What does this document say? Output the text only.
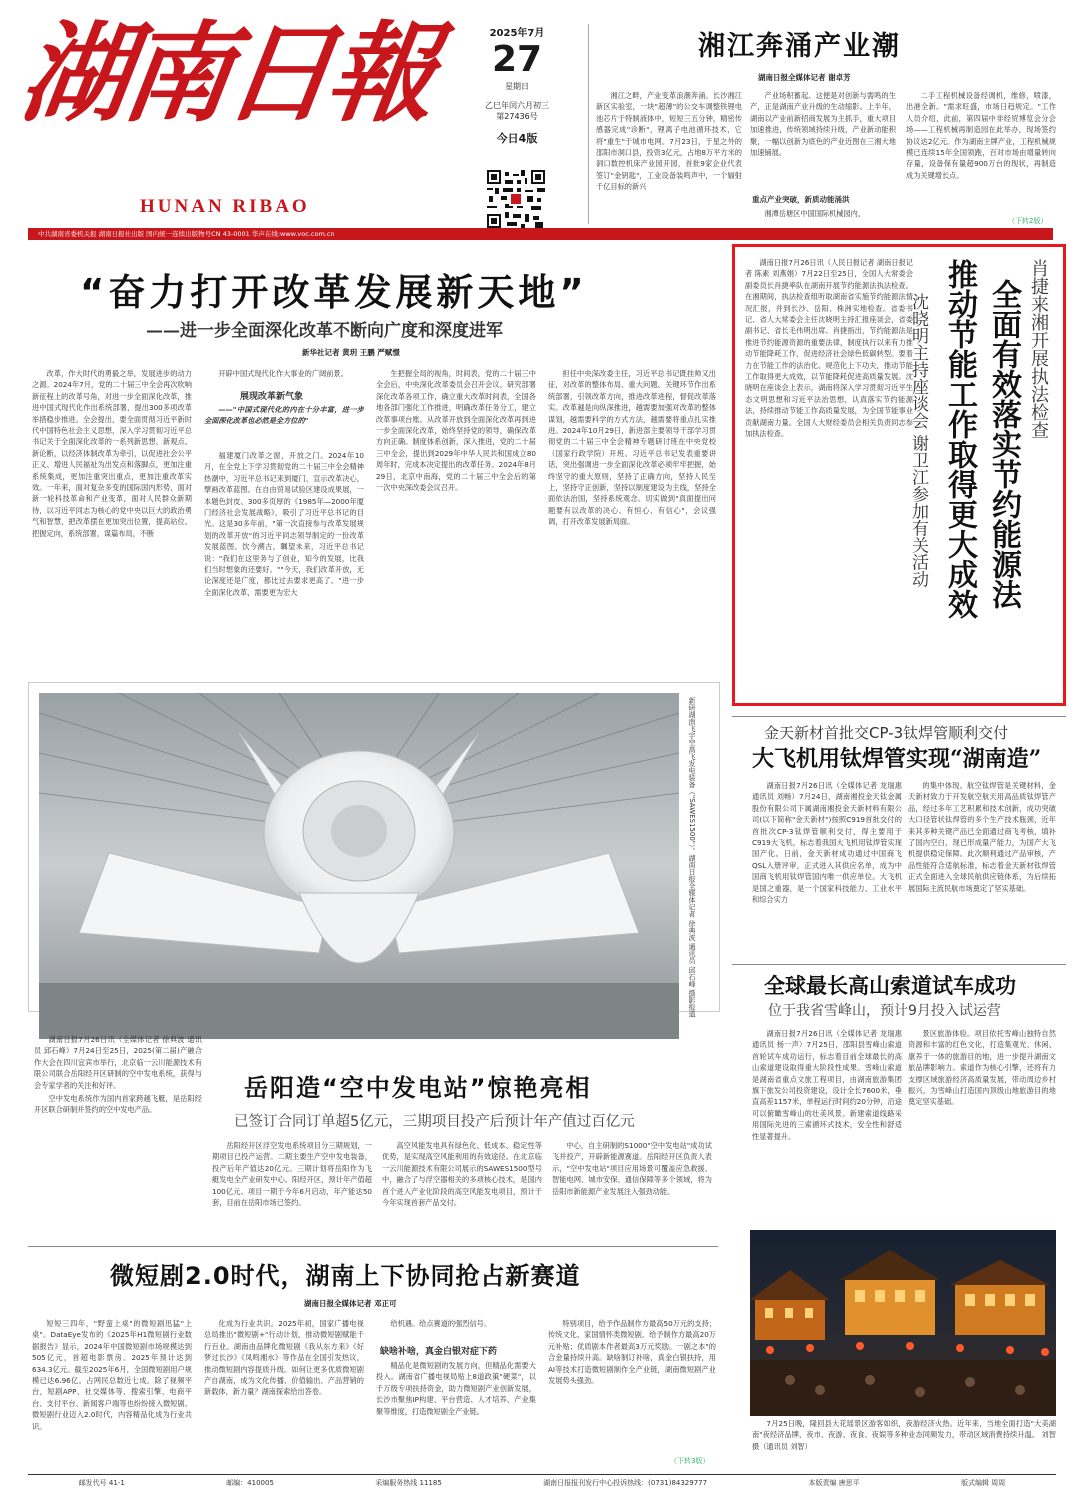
湖南日報
HUNAN RIBAO
2025年7月
27
星期日
乙巳年闰六月初三
第27436号
今日4版
中共湖南省委机关报 湖南日报社出版 国内统一连续出版物号CN 43-0001 华声在线:www.voc.com.cn
湘江奔涌产业潮
湖南日报全媒体记者 谢卓芳

湘江之畔，产业变革浪潮奔涌。长沙湘江新区实验室，一块"超薄"的公交车调整铁锂电池芯片于特制液体中，短短三五分钟，精密传感器完成"诊断"，锂离子电池循环技术，它将"重生"于城市电网。7月23日，于星之外的邵阳市洞口县，投资3亿元，占地8万平方米的洞口数控机床产业园开园，首批9家企业代表签订"金钥匙"，工业设备装鸣声中，一个辐射千亿目标的新兴

产业场积蓄起。这便是对创新与需鸣的生产，正是湖南产业升级的生动缩影。上半年，湖南以产业前新招商发展为主抓手，重大项目加速推进，传统领域持续升级，产业新动能积聚，一幅以创新为底色的产业近图在三湘大地加速铺展。

重点产业突破，新质动能涌洪

湘潭岳塘区中国国际机械园内，

二手工程机械设备经调机，维修，喷漆，出港全新。"需求旺盛，市场日趋规定。"工作人员介绍，此前，第四届中非经贸博览会分会场——工程机械再制造园在此举办，现场签约协议达2亿元。作为湖南主牌产业，工程机械规模已连续15年全国领跑，百对市场由增量转向存量，设备保有量超900万台的现状，再制造成为关键增长点。

（下转2版）
“奋力打开改革发展新天地”
——进一步全面深化改革不断向广度和深度进军
新华社记者 黄玥 王鹏 严赋憬

改革，作大时代的勇毅之举，发展进步的动力之源。2024年7月，党的二十届三中全会再次吹响新征程上的改革号角，对进一步全面深化改革，推进中国式现代化作出系统部署，提出300多项改革举措稳步推进。全会提出，要全面贯彻习近平新时代中国特色社会主义思想，深入学习贯彻习近平总书记关于全面深化改革的一系列新思想、新观点、新论断，以经济体制改革为牵引，以促进社会公平正义、增进人民福祉为出发点和落脚点，更加注重系统集成，更加注重突出重点，更加注重改革实效。一年来，面对复杂多变的国际国内形势，面对新一轮科技革命和产业变革，面对人民群众新期待，以习近平同志为核心的党中央以巨大的政治勇气和智慧，把改革摆在更加突出位置，提高站位、把握定向，系统部署，谋篇布局，不断

开辟中国式现代化作大事业的广阔前景。

展现改革新气象

——"中国式现代化的内在十分丰富，进一步全面深化改革也必然是全方位的"

福建厦门改革之窗，开放之门。2024年10月，在全党上下学习贯彻党的二十届三中全会精神热潮中，习近平总书记来到厦门，宣示改革决心，擘画改革蓝图。在自由贸易试验区建设成果展，一本题色封皮、300多页厚的《1985年—2000年厦门经济社会发展战略》，吸引了习近平总书记的目光。这是30多年前，"第一次直接参与改革发展规划的改革开放"的习近平同志领导制定的一份改革发展蓝图。饮今溯古，瞩望未来，习近平总书记说："我们在这里务与了创业，知今的发展，比我们当时想象的还要好。""今天，我们改革开放，无论深度还是广度，都比过去要求更高了。"进一步全面深化改革，需要更为宏大

生把握全局的视角，时间表，党的二十届三中全会后，中央深化改革委员会召开会议，研究部署深化改革各项工作，确立重大改革时间表，全国各地各部门强化工作推进，明确改革任务分工，建立改革事项台账。从改革开放到全面深化改革再到进一步全面深化改革，始终坚持党的领导，确保改革方向正确。制度体系创新，深入推进，党的二十届三中全会，提出到2029年中华人民共和国成立80周年时，完成本决定提出的改革任务。2024年8月29日，北京中南海，党的二十届三中全会后的第一次中央深改委会议召开。

担任中央深改委主任，习近平总书记既挂帅又出征，对改革的整体布局、重大问题、关键环节作出系统部署，引领改革方向，推进改革进程，督促改革落实。改革越是向纵深推进，越需要加强对改革的整体谋划，越需要科学的方式方法，越需要将重点扎实推进。2024年10月29日，新进部主要领导干部学习贯彻党的二十届三中全会精神专题研讨班在中央党校（国家行政学院）开班。习近平总书记发表重要讲话，突出强调进一步全面深化改革必须牢牢把握，始终坚守的重大原则，坚持了正确方向，坚持人民至上，坚持守正创新，坚持以制度建设为主线，坚持全面依法治国，坚持系统观念。切实做到"真面提出问题要有以改革的决心、有恒心、有信心"，会议强调，打开改革发展新局面。

肖捷来湘开展执法检查
全面有效落实节约能源法
推动节能工作取得更大成效
沈晓明主持座谈会 谢卫江参加有关活动

湖南日报7月26日讯（人民日报记者 湖南日报记者 陈素 刘燕娟）7月22日至25日，全国人大常委会副委员长肖捷率队在湖南开展节约能源法执法检查。在湘期间，执法检查组听取湖南省实施节约能源法情况汇报，并到长沙、岳阳、株洲实地检查。省委书记、省人大常委会主任沈晓明主持汇报座谈会，省委副书记、省长毛伟明出席。肖捷指出，节约能源法是推进节约能源资源的重要法律，制度执行以来有力推动节能降耗工作，促进经济社会绿色低碳转型。要着力在节能工作的法治化、规范化上下功夫，推动节能工作取得更大成效，以节能降耗促进高质量发展。沈晓明在座谈会上表示，湖南将深入学习贯彻习近平生态文明思想和习近平法治思想，认真落实节约能源法，持续推动节能工作高质量发展，为全国节能事业贡献湖南力量。全国人大财经委员会相关负责同志参加执法检查。

新研湖南飞宇空高飞发电装备（"SAWES1500"）。湖南日报全媒体记者 徐典波 通讯员 邱石峰 摄影报道

湖南日报7月26日讯（全媒体记者 徐典波 通讯员 邱石峰）7月24日至25日，2025(第二届)产融合作大会在四川宜宾市举行，北京临一云川能源技术有限公司联合岳阳经开区研制的空中发电系统，获得与会专家学者的关注和好评。

空中发电系统作为国内首家跨越飞艇，是岳阳经开区联合研制并签约的空中发电产品。

岳阳造“空中发电站”惊艳亮相
已签订合同订单超5亿元，三期项目投产后预计年产值过百亿元

岳阳经开区浮空发电系统项目分三期规划，一期项目已投产运营。二期主要生产空中发电装备，投产后年产值达20亿元。三期计划将岳阳作为飞艇发电全产业研发中心。阳经开区，预计年产值超100亿元。项目一期于今年6月启动，年产能达50套，目前在岳阳市场已签约。

高空风能发电具有绿色化、低成本、稳定性等优势，是实现高空风能利用的有效途径。在北京临一云川能源技术有限公司展示的SAWES1500型号中，融合了与浮空器相关的多项核心技术，是国内首个进入产业化阶段的高空风能发电项目，预计于今年实现首套产品交付。

中心，自主研制的S1000"空中发电站"成功试飞并投产，开辟新能源赛道。岳阳经开区负责人表示，"空中发电站"项目应用场景可覆盖应急救援、智能电网、城市安保、通信保障等多个领域，将为岳阳市新能源产业发展注入强劲动能。

金天新材首批交CP-3钛焊管顺利交付
大飞机用钛焊管实现“湖南造”

湖南日报7月26日讯（全媒体记者 龙瑞惠 通讯员 刘畅）7月24日，湖南湘投金天钛金属股份有限公司下属湖南湘投金天新材料有限公司(以下简称"金天新材")按照C919首批交付的首批次CP-3钛焊管顺利交付，得主要用于C919大飞机，标志着我国大飞机用钛焊管实现国产化。日前，金天新材成功通过中国商飞QSL入册评审，正式进入其供应名单，成为中国商飞机用钛焊管国内唯一供应单位。大飞机是国之重器，是一个国家科技能力、工业水平和综合实力

的集中体现。航空钛焊管是关键材料，金天新材致力于开发航空航天用高品质钛焊管产品，经过多年工艺积累和技术创新，成功突破大口径管状钛焊管的多个生产技术瓶颈，近年来其多种关键产品已全面通过商飞考核，填补了国内空白，现已形成量产能力，为国产大飞机提供稳定保障。此次顺利通过产品审核，产品性能符合适航标准，标志着金天新材钛焊管正式全面进入全球民航供应链体系，为后续拓展国际主流民航市场奠定了坚实基础。

全球最长高山索道试车成功
位于我省雪峰山，预计9月投入试运营

湖南日报7月26日讯（全媒体记者 龙瑞惠 通讯员 杨一声）7月25日，邵阳县雪峰山索道首轮试车成功运行，标志着目前全球最长的高山索道建设取得重大阶段性成果。雪峰山索道是湖南省重点文旅工程项目，由湖南旅游集团旗下旅发公司投资建设，设计全长7600米，垂直高差1157米，单程运行时间约20分钟，沿途可以俯瞰雪峰山的壮美风景。新建索道线路采用国际先进的三索循环式技术，安全性和舒适性显著提升。

景区旅游体验。项目依托雪峰山独特自然资源和丰富的红色文化，打造集观光、休闲、康养于一体的旅游目的地，进一步提升湖南文旅品牌影响力。索道作为核心引擎，还将有力支撑区域旅游经济高质量发展，带动周边乡村振兴，为雪峰山打造国内顶级山地旅游目的地奠定坚实基础。

7月25日晚，隆回县大花瑶景区游客如织，夜游经济火热。近年来，当地全面打造"大美湖南"夜经济品牌，夜市、夜游、夜食、夜娱等多种业态同频发力，带动区域消费持续升温。 刘智 摄（通讯员 刘智）

微短剧2.0时代，湖南上下协同抢占新赛道
湖南日报全媒体记者 邓正可

短短三四年，"野蛮上桌"的微短剧迅猛"上桌"。DataEye发布的《2025年H1微短剧行业数据报告》显示，2024年中国微短剧市场规模达到505亿元，首超电影票房。2025年预计达到634.3亿元。截至2025年6月，全国微短剧用户规模已达6.96亿。占网民总数近七成。除了视频平台，短剧APP、社交媒体等、搜索引擎、电商平台、支付平台、新闻客户端等也纷纷接入微短剧。微短剧行业迈入2.0时代，内容精品化成为行业共识。

化成为行业共识。2025年初，国家广播电视总局推出"微短剧+"行动计划，推动微短剧赋能千行百业。湖南由品牌化微短剧《我从东方来》《好梦过长沙》《凤鸣湘水》等作品在全国引发热议，推动微短剧内容提质升级。如何让更多优质微短剧产自湖南，成为文化传播、价值输出、产品营销的新载体，新力量？湖南探索给出答卷。

给机遇。给点赛道的强烈信号。

缺啥补啥，真金白银对症下药

精品化是微短剧的发展方向，但精品化需要大投入。湖南省广播电视局贴上8道政策"硬菜"，以千万级专项扶持资金，助力微短剧产业创新发展，长沙市聚焦IP构建、平台营造、人才培养、产业集聚等维度，打造微短剧全产业链。

特别项目，给予作品制作方最高50万元的支持；传统文化、家国情怀类微短剧，给予制作方最高20万元补贴；优质剧本作者最高3万元奖励。一剧之本"的合金量持续升高。缺啥制订补啥，真金白银扶持，用AI等技术打造微短剧制作全产业链，湖南微短剧产业发展势头强劲。

（下转3版）
邮发代号 41-1	邮编：410005	采编服务热线 11185	湖南日报报刊发行中心投诉热线：(0731)84329777	本版责编 唐思平	版式编辑 周周
